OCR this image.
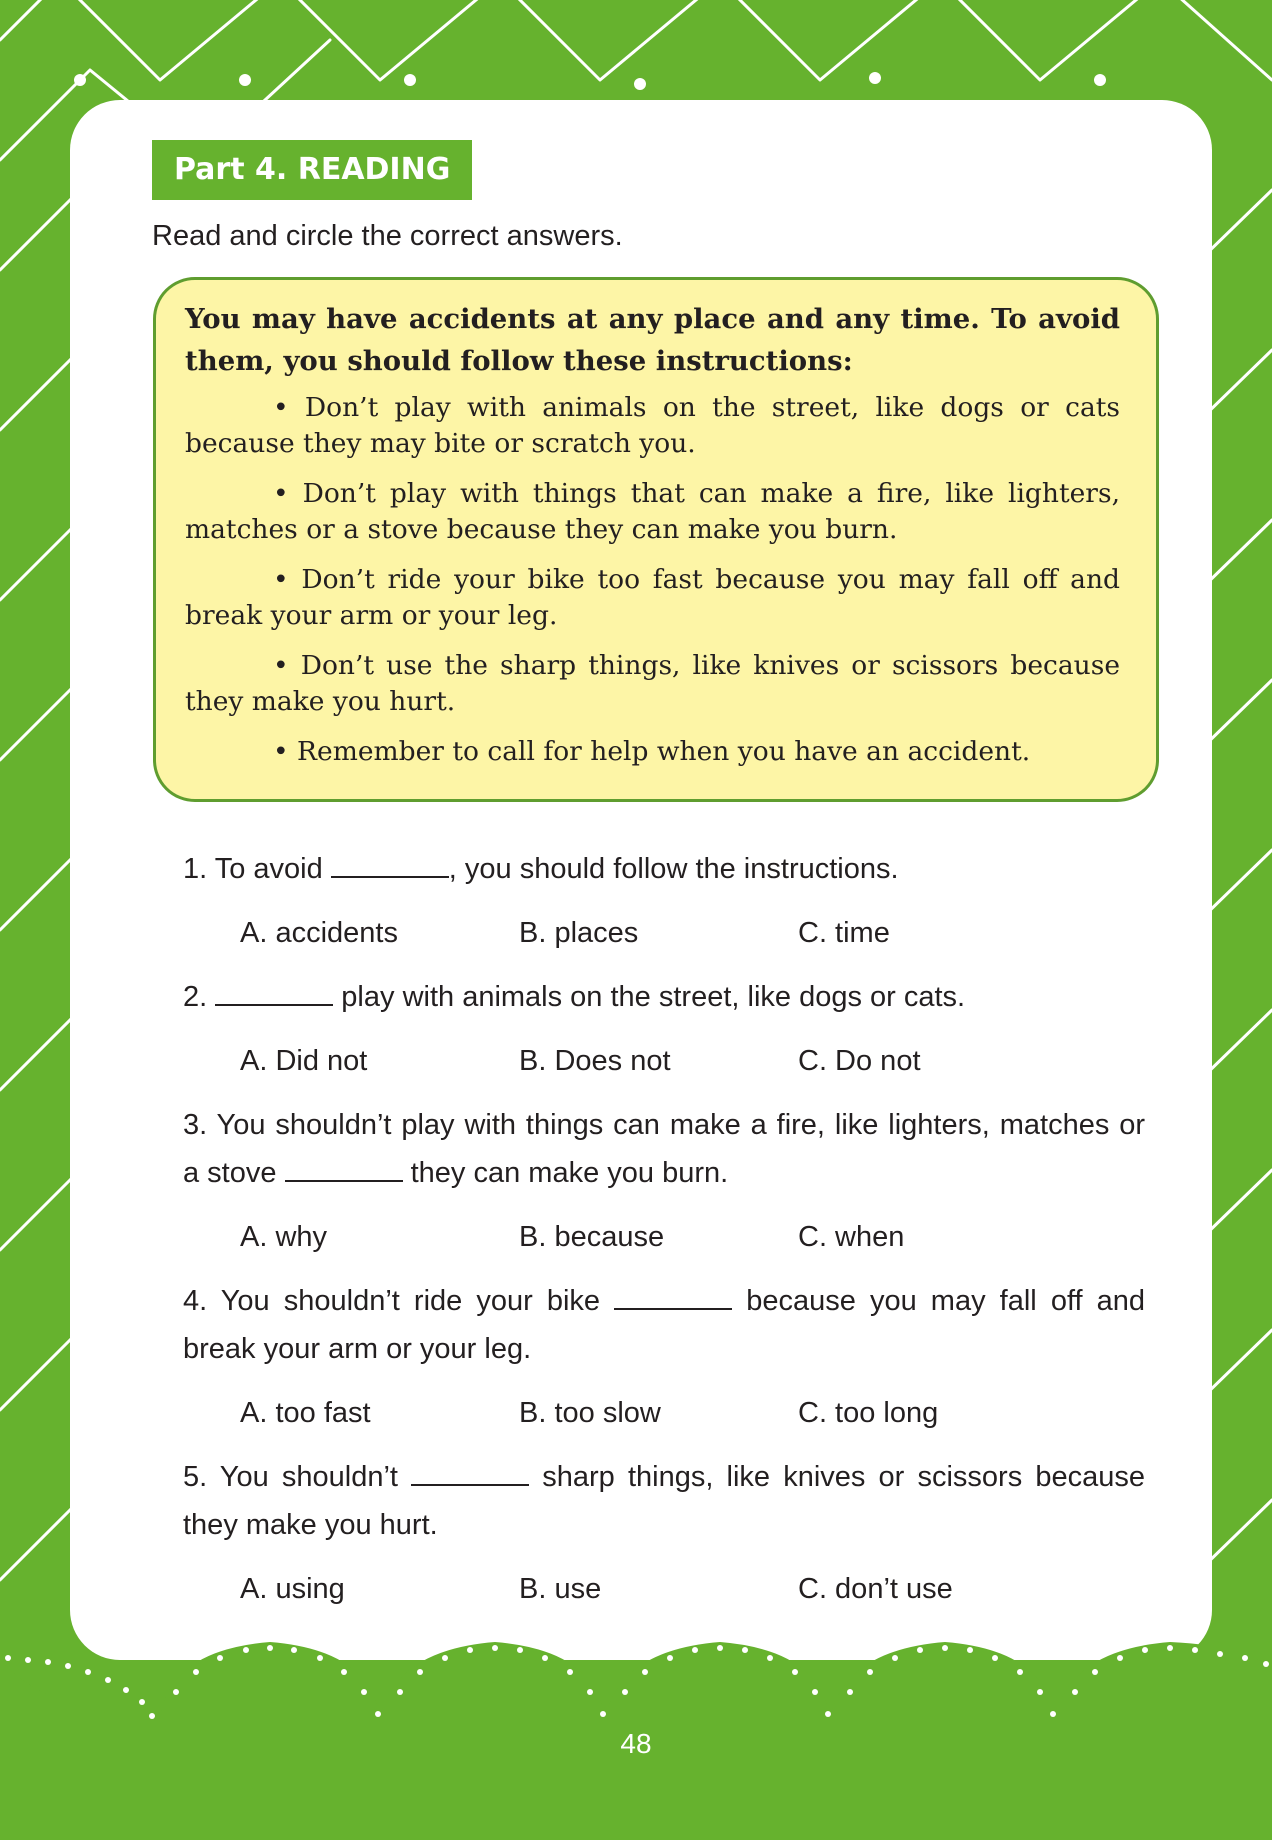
Part 4. READING
Read and circle the correct answers.

You may have accidents at any place and any time. To avoid them, you should follow these instructions:

• Don’t play with animals on the street, like dogs or cats because they may bite or scratch you.

• Don’t play with things that can make a fire, like lighters, matches or a stove because they can make you burn.

• Don’t ride your bike too fast because you may fall off and break your arm or your leg.

• Don’t use the sharp things, like knives or scissors because they make you hurt.

• Remember to call for help when you have an accident.

1. To avoid	, you should follow the instructions.
A. accidents	B. places	C. time
2.	play with animals on the street, like dogs or cats.
A. Did not	B. Does not	C. Do not
3. You shouldn’t play with things can make a fire, like lighters, matches or a stove	they can make you burn.
A. why	B. because	C. when
4. You shouldn’t ride your bike	because you may fall off and break your arm or your leg.
A. too fast	B. too slow	C. too long
5. You shouldn’t	sharp things, like knives or scissors because they make you hurt.
A. using	B. use	C. don’t use
48
